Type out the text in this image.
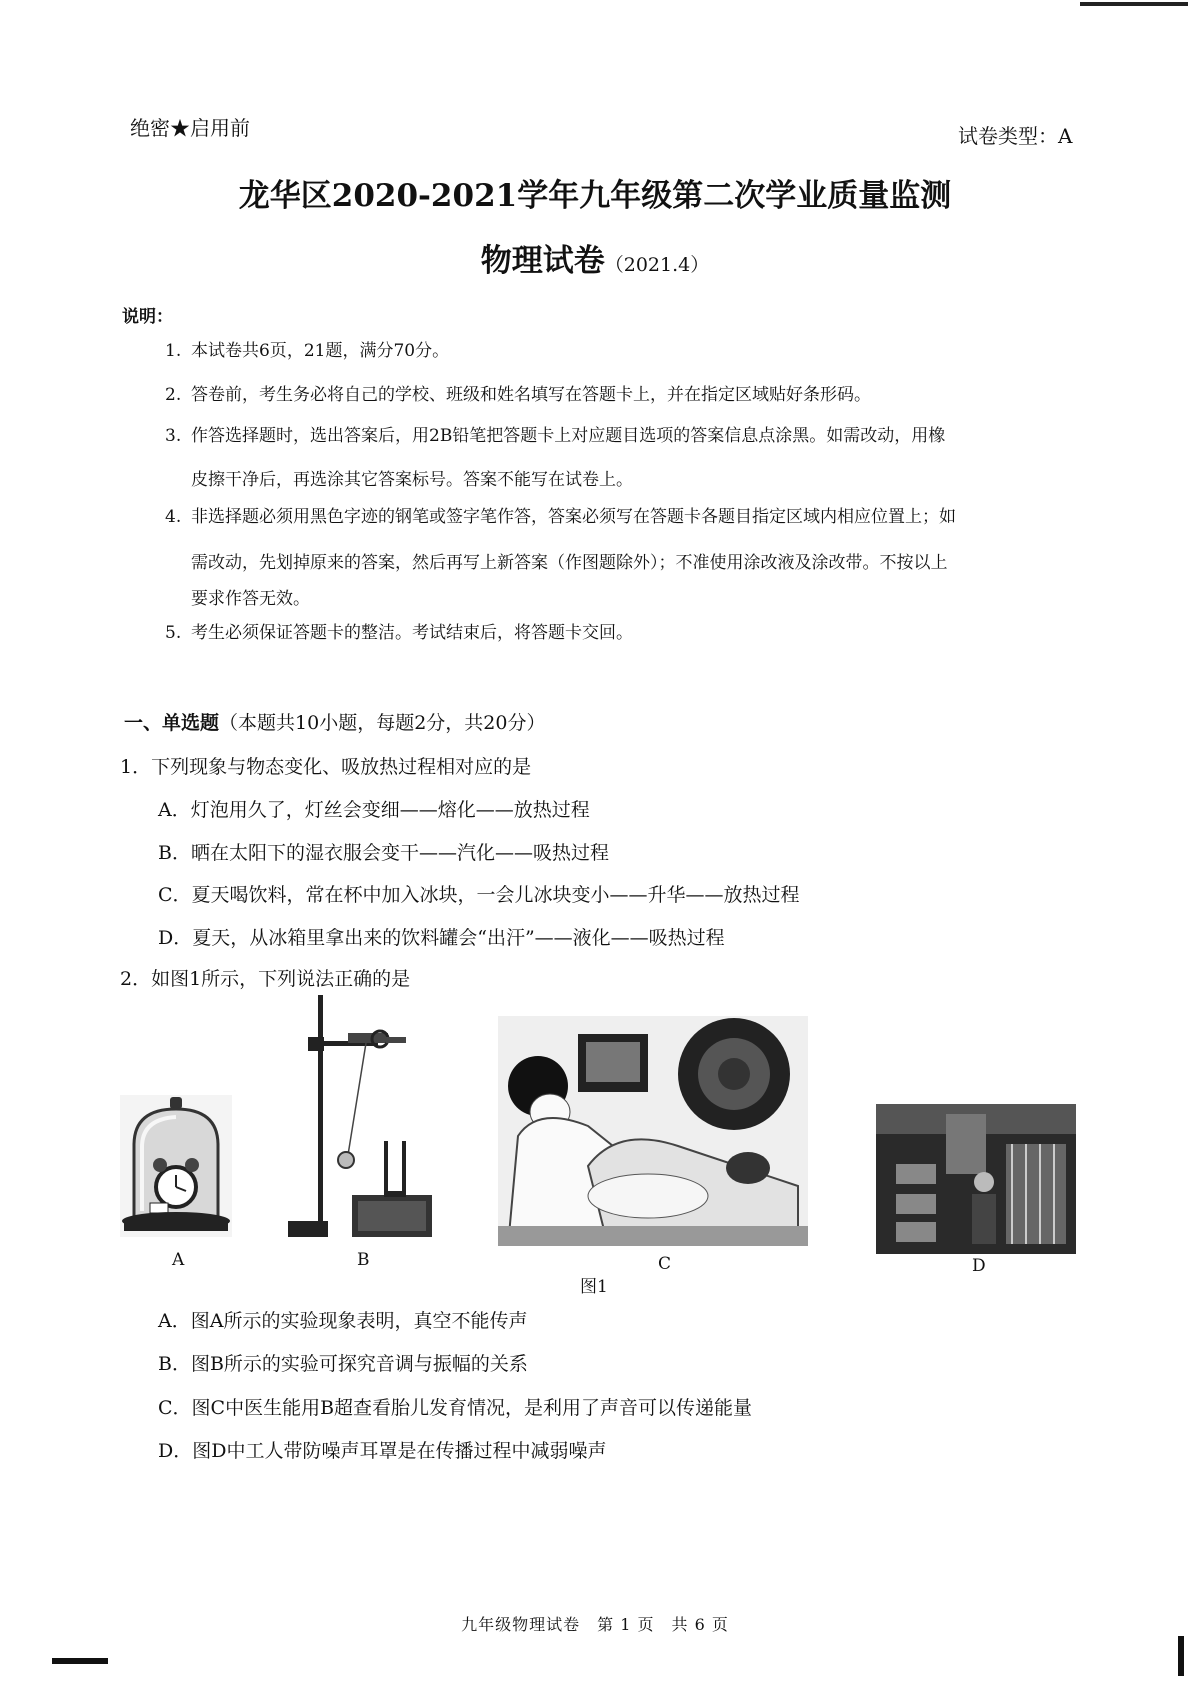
绝密★启用前	试卷类型：A
龙华区2020-2021学年九年级第二次学业质量监测
物理试卷（2021.4）
说明：
1. 本试卷共6页，21题，满分70分。
2. 答卷前，考生务必将自己的学校、班级和姓名填写在答题卡上，并在指定区域贴好条形码。
3. 作答选择题时，选出答案后，用2B铅笔把答题卡上对应题目选项的答案信息点涂黑。如需改动，用橡
皮擦干净后，再选涂其它答案标号。答案不能写在试卷上。
4. 非选择题必须用黑色字迹的钢笔或签字笔作答，答案必须写在答题卡各题目指定区域内相应位置上；如
需改动，先划掉原来的答案，然后再写上新答案（作图题除外）；不准使用涂改液及涂改带。不按以上
要求作答无效。
5. 考生必须保证答题卡的整洁。考试结束后，将答题卡交回。
一、单选题（本题共10小题，每题2分，共20分）
1．下列现象与物态变化、吸放热过程相对应的是
A．灯泡用久了，灯丝会变细——熔化——放热过程
B．晒在太阳下的湿衣服会变干——汽化——吸热过程
C．夏天喝饮料，常在杯中加入冰块，一会儿冰块变小——升华——放热过程
D．夏天，从冰箱里拿出来的饮料罐会“出汗”——液化——吸热过程
2．如图1所示，下列说法正确的是
A	B	C	D
图1
A．图A所示的实验现象表明，真空不能传声
B．图B所示的实验可探究音调与振幅的关系
C．图C中医生能用B超查看胎儿发育情况，是利用了声音可以传递能量
D．图D中工人带防噪声耳罩是在传播过程中减弱噪声
九年级物理试卷　第 1 页　共 6 页
